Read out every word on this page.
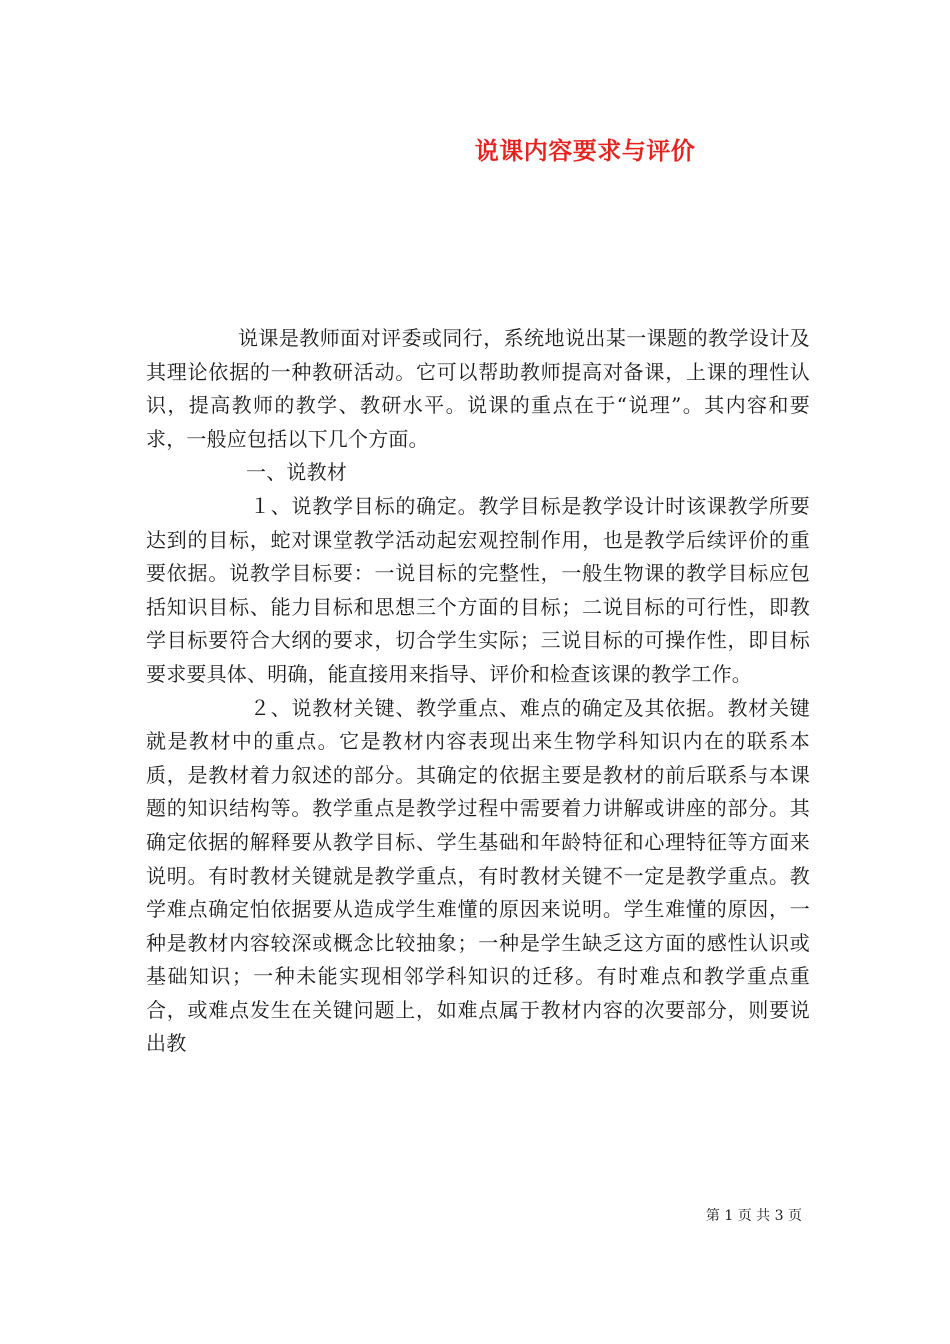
说课内容要求与评价

说课是教师面对评委或同行，系统地说出某一课题的教学设计及其理论依据的一种教研活动。它可以帮助教师提高对备课，上课的理性认识，提高教师的教学、教研水平。说课的重点在于“说理”。其内容和要求，一般应包括以下几个方面。

一、说教材

１、说教学目标的确定。教学目标是教学设计时该课教学所要达到的目标，蛇对课堂教学活动起宏观控制作用，也是教学后续评价的重要依据。说教学目标要：一说目标的完整性，一般生物课的教学目标应包括知识目标、能力目标和思想三个方面的目标；二说目标的可行性，即教学目标要符合大纲的要求，切合学生实际；三说目标的可操作性，即目标要求要具体、明确，能直接用来指导、评价和检查该课的教学工作。

２、说教材关键、教学重点、难点的确定及其依据。教材关键就是教材中的重点。它是教材内容表现出来生物学科知识内在的联系本质，是教材着力叙述的部分。其确定的依据主要是教材的前后联系与本课题的知识结构等。教学重点是教学过程中需要着力讲解或讲座的部分。其确定依据的解释要从教学目标、学生基础和年龄特征和心理特征等方面来说明。有时教材关键就是教学重点，有时教材关键不一定是教学重点。教学难点确定怕依据要从造成学生难懂的原因来说明。学生难懂的原因，一种是教材内容较深或概念比较抽象；一种是学生缺乏这方面的感性认识或基础知识；一种未能实现相邻学科知识的迁移。有时难点和教学重点重合，或难点发生在关键问题上，如难点属于教材内容的次要部分，则要说出教

第 1 页 共 3 页
